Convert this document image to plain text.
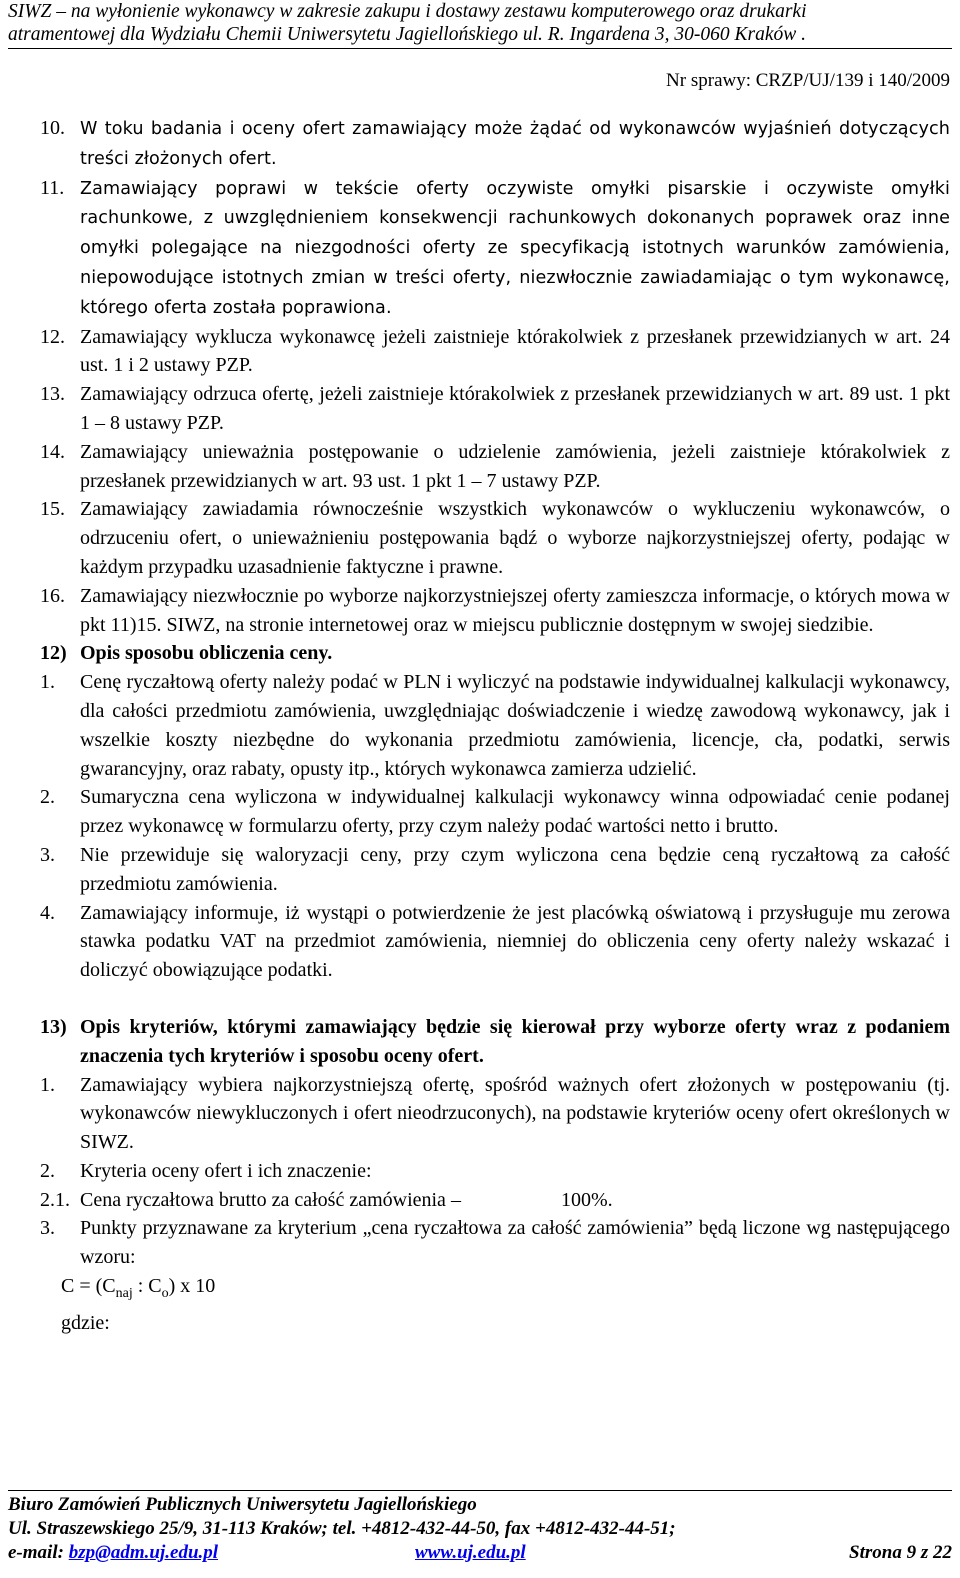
SIWZ – na wyłonienie wykonawcy w zakresie zakupu i dostawy zestawu komputerowego oraz drukarki
atramentowej dla Wydziału Chemii Uniwersytetu Jagiellońskiego ul. R. Ingardena 3, 30-060 Kraków .
Nr sprawy: CRZP/UJ/139 i 140/2009
10. W toku badania i oceny ofert zamawiający może żądać od wykonawców wyjaśnień dotyczących treści złożonych ofert.
11. Zamawiający poprawi w tekście oferty oczywiste omyłki pisarskie i oczywiste omyłki rachunkowe, z uwzględnieniem konsekwencji rachunkowych dokonanych poprawek oraz inne omyłki polegające na niezgodności oferty ze specyfikacją istotnych warunków zamówienia, niepowodujące istotnych zmian w treści oferty, niezwłocznie zawiadamiając o tym wykonawcę, którego oferta została poprawiona.
12. Zamawiający wyklucza wykonawcę jeżeli zaistnieje którakolwiek z przesłanek przewidzianych w art. 24 ust. 1 i 2 ustawy PZP.
13. Zamawiający odrzuca ofertę, jeżeli zaistnieje którakolwiek z przesłanek przewidzianych w art. 89 ust. 1 pkt 1 – 8 ustawy PZP.
14. Zamawiający unieważnia postępowanie o udzielenie zamówienia, jeżeli zaistnieje którakolwiek z przesłanek przewidzianych w art. 93 ust. 1 pkt 1 – 7 ustawy PZP.
15. Zamawiający zawiadamia równocześnie wszystkich wykonawców o wykluczeniu wykonawców, o odrzuceniu ofert, o unieważnieniu postępowania bądź o wyborze najkorzystniejszej oferty, podając w każdym przypadku uzasadnienie faktyczne i prawne.
16. Zamawiający niezwłocznie po wyborze najkorzystniejszej oferty zamieszcza informacje, o których mowa w pkt 11)15. SIWZ, na stronie internetowej oraz w miejscu publicznie dostępnym w swojej siedzibie.
12) Opis sposobu obliczenia ceny.
1. Cenę ryczałtową oferty należy podać w PLN i wyliczyć na podstawie indywidualnej kalkulacji wykonawcy, dla całości przedmiotu zamówienia, uwzględniając doświadczenie i wiedzę zawodową wykonawcy, jak i wszelkie koszty niezbędne do wykonania przedmiotu zamówienia, licencje, cła, podatki, serwis gwarancyjny, oraz rabaty, opusty itp., których wykonawca zamierza udzielić.
2. Sumaryczna cena wyliczona w indywidualnej kalkulacji wykonawcy winna odpowiadać cenie podanej przez wykonawcę w formularzu oferty, przy czym należy podać wartości netto i brutto.
3. Nie przewiduje się waloryzacji ceny, przy czym wyliczona cena będzie ceną ryczałtową za całość przedmiotu zamówienia.
4. Zamawiający informuje, iż wystąpi o potwierdzenie że jest placówką oświatową i przysługuje mu zerowa stawka podatku VAT na przedmiot zamówienia, niemniej do obliczenia ceny oferty należy wskazać i doliczyć obowiązujące podatki.
13) Opis kryteriów, którymi zamawiający będzie się kierował przy wyborze oferty wraz z podaniem znaczenia tych kryteriów i sposobu oceny ofert.
1. Zamawiający wybiera najkorzystniejszą ofertę, spośród ważnych ofert złożonych w postępowaniu (tj. wykonawców niewykluczonych i ofert nieodrzuconych), na podstawie kryteriów oceny ofert określonych w SIWZ.
2. Kryteria oceny ofert i ich znaczenie:
2.1. Cena ryczałtowa brutto za całość zamówienia –	100%.
3. Punkty przyznawane za kryterium „cena ryczałtowa za całość zamówienia” będą liczone wg następującego wzoru:
$C = (C_{naj}$ : $C_o$) x 10
gdzie:
Biuro Zamówień Publicznych Uniwersytetu Jagiellońskiego
Ul. Straszewskiego 25/9, 31-113 Kraków; tel. +4812-432-44-50, fax +4812-432-44-51;
e-mail: bzp@adm.uj.edu.pl	www.uj.edu.pl	Strona 9 z 22
